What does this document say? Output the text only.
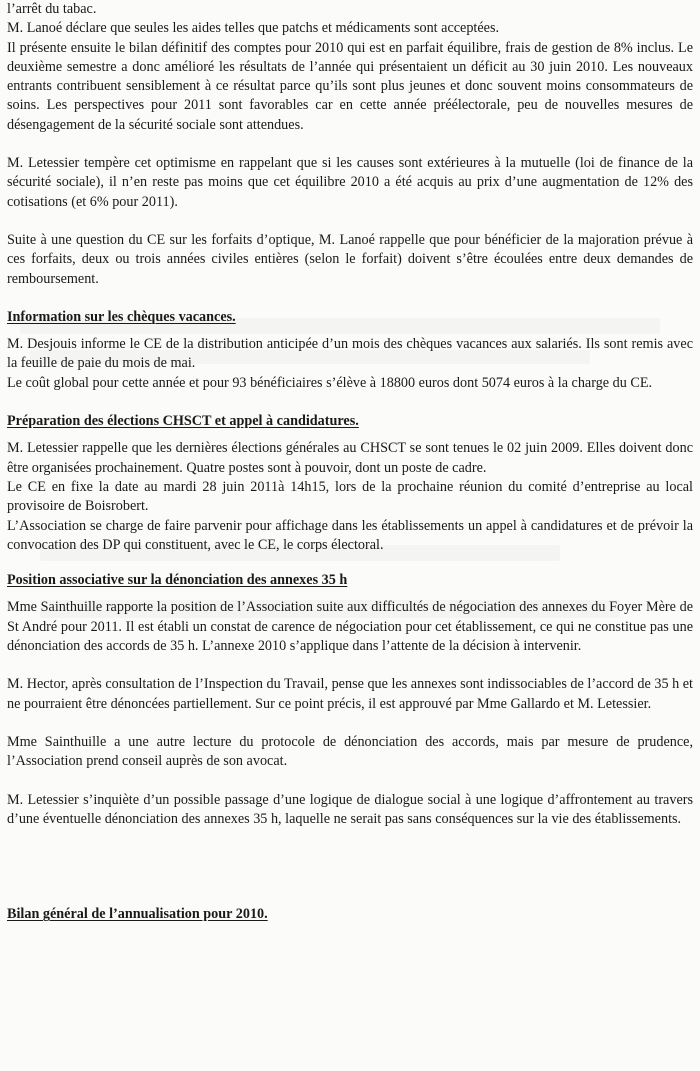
l’arrêt du tabac.

M. Lanoé déclare que seules les aides telles que patchs et médicaments sont acceptées.

Il présente ensuite le bilan définitif des comptes pour 2010 qui est en parfait équilibre, frais de gestion de 8% inclus. Le deuxième semestre a donc amélioré les résultats de l’année qui présentaient un déficit au 30 juin 2010. Les nouveaux entrants contribuent sensiblement à ce résultat parce qu’ils sont plus jeunes et donc souvent moins consommateurs de soins. Les perspectives pour 2011 sont favorables car en cette année préélectorale, peu de nouvelles mesures de désengagement de la sécurité sociale sont attendues.

M. Letessier tempère cet optimisme en rappelant que si les causes sont extérieures à la mutuelle (loi de finance de la sécurité sociale), il n’en reste pas moins que cet équilibre 2010 a été acquis au prix d’une augmentation de 12% des cotisations (et 6% pour 2011).

Suite à une question du CE sur les forfaits d’optique, M. Lanoé rappelle que pour bénéficier de la majoration prévue à ces forfaits, deux ou trois années civiles entières (selon le forfait) doivent s’être écoulées entre deux demandes de remboursement.

Information sur les chèques vacances.

M. Desjouis informe le CE de la distribution anticipée d’un mois des chèques vacances aux salariés. Ils sont remis avec la feuille de paie du mois de mai.

Le coût global pour cette année et pour 93 bénéficiaires s’élève à 18800 euros dont 5074 euros à la charge du CE.

Préparation des élections CHSCT et appel à candidatures.

M. Letessier rappelle que les dernières élections générales au CHSCT se sont tenues le 02 juin 2009. Elles doivent donc être organisées prochainement. Quatre postes sont à pouvoir, dont un poste de cadre.

Le CE en fixe la date au mardi 28 juin 2011à 14h15, lors de la prochaine réunion du comité d’entreprise au local provisoire de Boisrobert.

L’Association se charge de faire parvenir pour affichage dans les établissements un appel à candidatures et de prévoir la convocation des DP qui constituent, avec le CE, le corps électoral.

Position associative sur la dénonciation des annexes 35 h

Mme Sainthuille rapporte la position de l’Association suite aux difficultés de négociation des annexes du Foyer Mère de St André pour 2011. Il est établi un constat de carence de négociation pour cet établissement, ce qui ne constitue pas une dénonciation des accords de 35 h. L’annexe 2010 s’applique dans l’attente de la décision à intervenir.

M. Hector, après consultation de l’Inspection du Travail, pense que les annexes sont indissociables de l’accord de 35 h et ne pourraient être dénoncées partiellement. Sur ce point précis, il est approuvé par Mme Gallardo et M. Letessier.

Mme Sainthuille a une autre lecture du protocole de dénonciation des accords, mais par mesure de prudence, l’Association prend conseil auprès de son avocat.

M. Letessier s’inquiète d’un possible passage d’une logique de dialogue social à une logique d’affrontement au travers d’une éventuelle dénonciation des annexes 35 h, laquelle ne serait pas sans conséquences sur la vie des établissements.

Bilan général de l’annualisation pour 2010.
